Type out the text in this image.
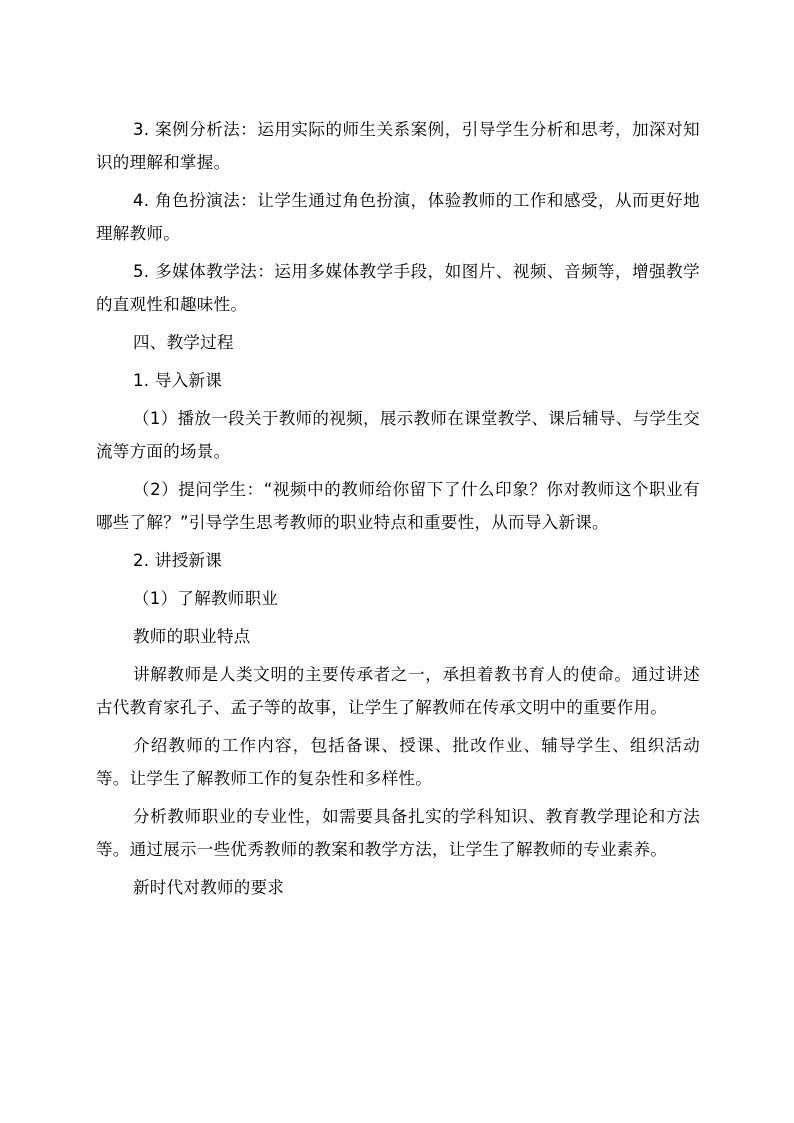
3. 案例分析法：运用实际的师生关系案例，引导学生分析和思考，加深对知识的理解和掌握。

4. 角色扮演法：让学生通过角色扮演，体验教师的工作和感受，从而更好地理解教师。

5. 多媒体教学法：运用多媒体教学手段，如图片、视频、音频等，增强教学的直观性和趣味性。

四、教学过程

1. 导入新课

（1）播放一段关于教师的视频，展示教师在课堂教学、课后辅导、与学生交流等方面的场景。

（2）提问学生：“视频中的教师给你留下了什么印象？你对教师这个职业有哪些了解？”引导学生思考教师的职业特点和重要性，从而导入新课。

2. 讲授新课

（1）了解教师职业

教师的职业特点

讲解教师是人类文明的主要传承者之一，承担着教书育人的使命。通过讲述古代教育家孔子、孟子等的故事，让学生了解教师在传承文明中的重要作用。

介绍教师的工作内容，包括备课、授课、批改作业、辅导学生、组织活动等。让学生了解教师工作的复杂性和多样性。

分析教师职业的专业性，如需要具备扎实的学科知识、教育教学理论和方法等。通过展示一些优秀教师的教案和教学方法，让学生了解教师的专业素养。

新时代对教师的要求
